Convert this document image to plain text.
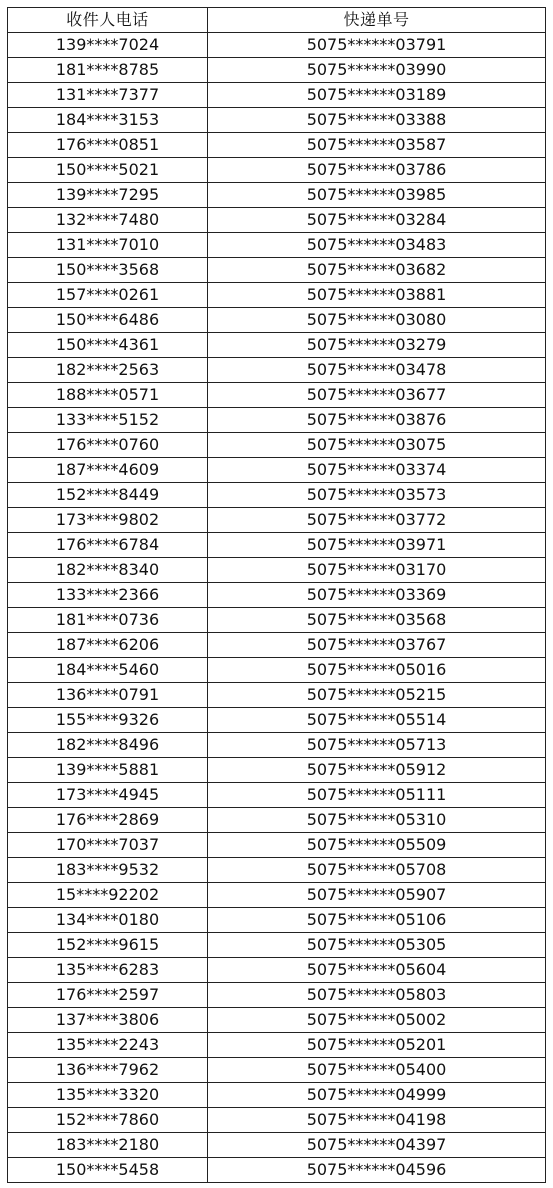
收件人电话	快递单号
139****7024	5075******03791
181****8785	5075******03990
131****7377	5075******03189
184****3153	5075******03388
176****0851	5075******03587
150****5021	5075******03786
139****7295	5075******03985
132****7480	5075******03284
131****7010	5075******03483
150****3568	5075******03682
157****0261	5075******03881
150****6486	5075******03080
150****4361	5075******03279
182****2563	5075******03478
188****0571	5075******03677
133****5152	5075******03876
176****0760	5075******03075
187****4609	5075******03374
152****8449	5075******03573
173****9802	5075******03772
176****6784	5075******03971
182****8340	5075******03170
133****2366	5075******03369
181****0736	5075******03568
187****6206	5075******03767
184****5460	5075******05016
136****0791	5075******05215
155****9326	5075******05514
182****8496	5075******05713
139****5881	5075******05912
173****4945	5075******05111
176****2869	5075******05310
170****7037	5075******05509
183****9532	5075******05708
15****92202	5075******05907
134****0180	5075******05106
152****9615	5075******05305
135****6283	5075******05604
176****2597	5075******05803
137****3806	5075******05002
135****2243	5075******05201
136****7962	5075******05400
135****3320	5075******04999
152****7860	5075******04198
183****2180	5075******04397
150****5458	5075******04596
